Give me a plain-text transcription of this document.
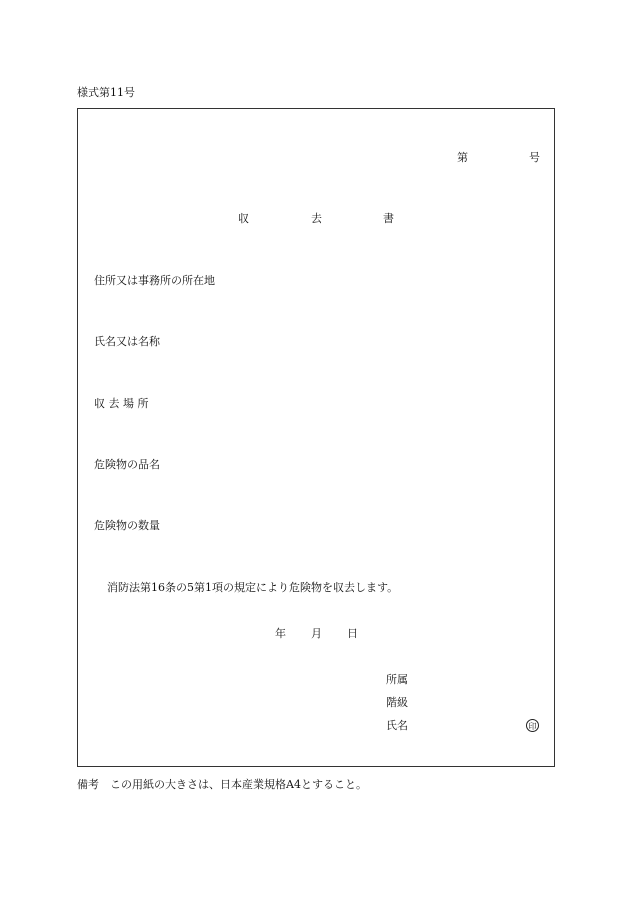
様式第11号
第	号
収	去	書
住所又は事務所の所在地
氏名又は名称
収 去 場 所
危険物の品名
危険物の数量
消防法第16条の5第1項の規定により危険物を収去します。
年 月 日
所属
階級
氏名	印
備考　この用紙の大きさは、日本産業規格A4とすること。
